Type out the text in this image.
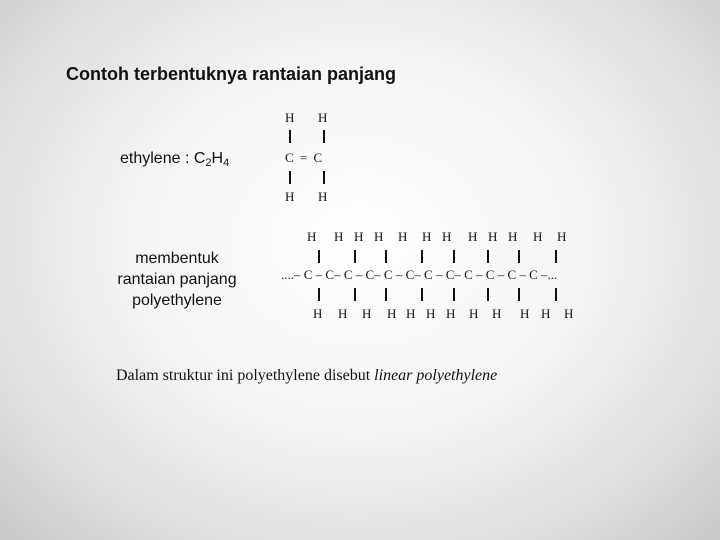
Contoh terbentuknya rantaian panjang
ethylene : $C_2H_4$
H H
C = C
H H
membentuk
rantaian panjang
polyethylene
H H H H H H H H H H H H
....– C – C– C – C– C – C– C – C– C – C – C – C –...
H H H H H H H H H H H H
Dalam struktur ini polyethylene disebut linear polyethylene
